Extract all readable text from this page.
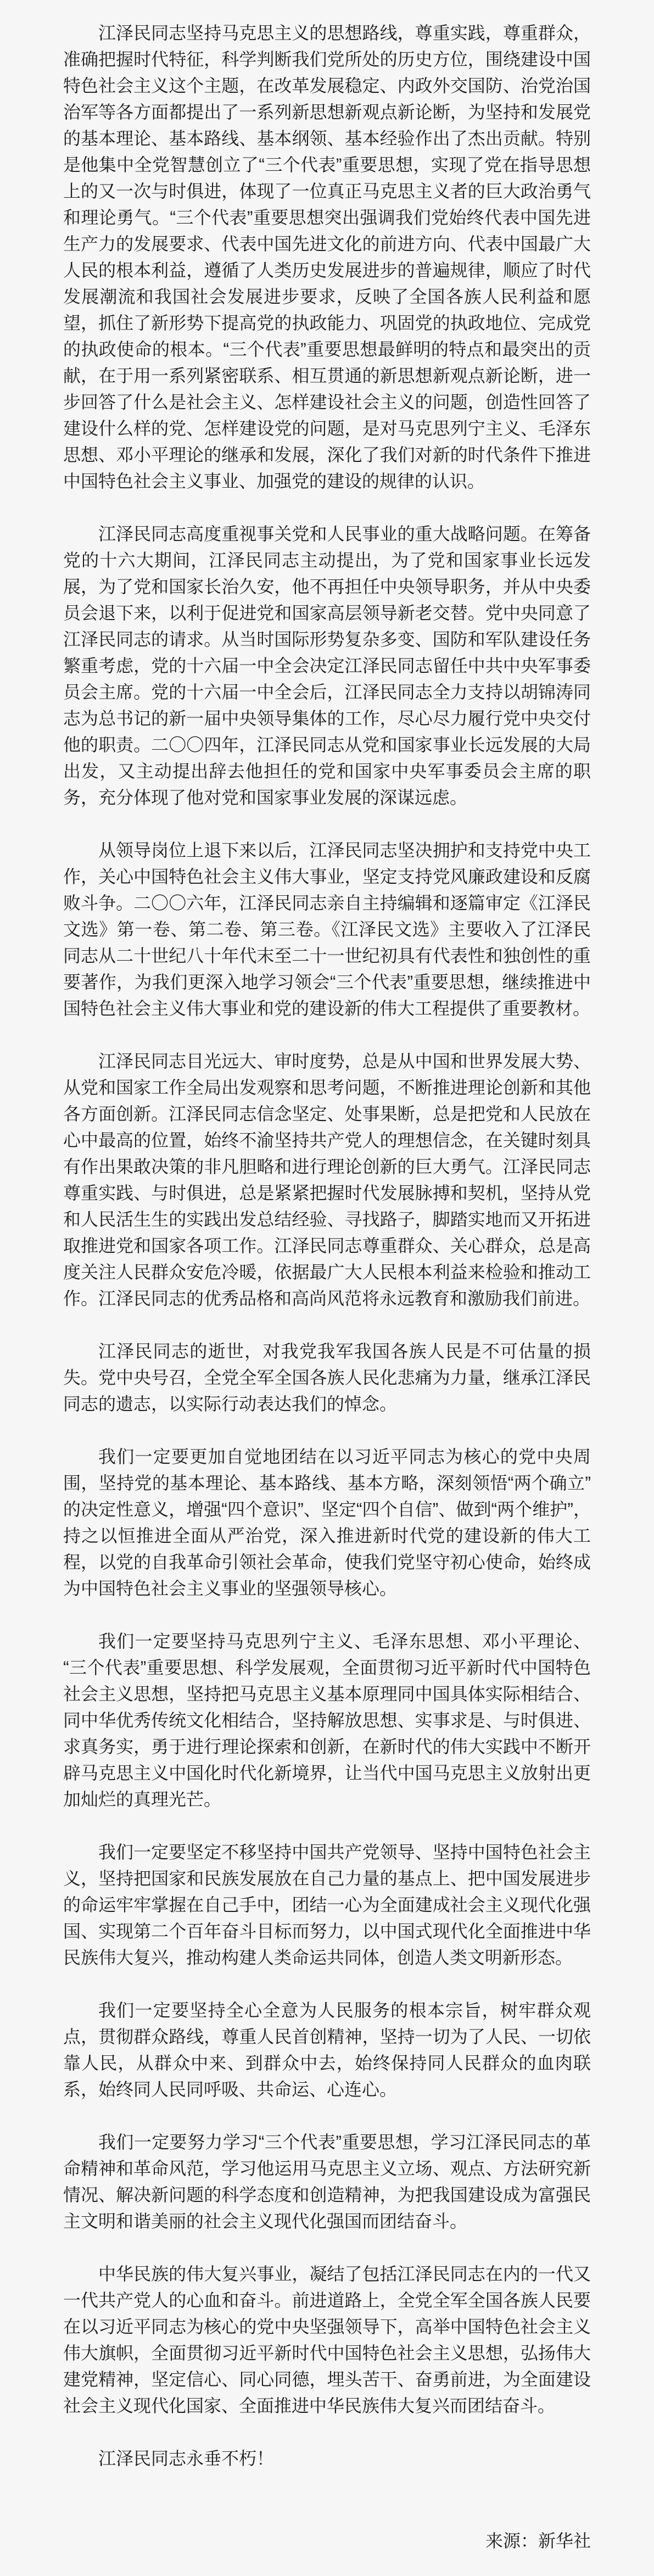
江泽民同志坚持马克思主义的思想路线，尊重实践，尊重群众，准确把握时代特征，科学判断我们党所处的历史方位，围绕建设中国特色社会主义这个主题，在改革发展稳定、内政外交国防、治党治国治军等各方面都提出了一系列新思想新观点新论断，为坚持和发展党的基本理论、基本路线、基本纲领、基本经验作出了杰出贡献。特别是他集中全党智慧创立了“三个代表”重要思想，实现了党在指导思想上的又一次与时俱进，体现了一位真正马克思主义者的巨大政治勇气和理论勇气。“三个代表”重要思想突出强调我们党始终代表中国先进生产力的发展要求、代表中国先进文化的前进方向、代表中国最广大人民的根本利益，遵循了人类历史发展进步的普遍规律，顺应了时代发展潮流和我国社会发展进步要求，反映了全国各族人民利益和愿望，抓住了新形势下提高党的执政能力、巩固党的执政地位、完成党的执政使命的根本。“三个代表”重要思想最鲜明的特点和最突出的贡献，在于用一系列紧密联系、相互贯通的新思想新观点新论断，进一步回答了什么是社会主义、怎样建设社会主义的问题，创造性回答了建设什么样的党、怎样建设党的问题，是对马克思列宁主义、毛泽东思想、邓小平理论的继承和发展，深化了我们对新的时代条件下推进中国特色社会主义事业、加强党的建设的规律的认识。

江泽民同志高度重视事关党和人民事业的重大战略问题。在筹备党的十六大期间，江泽民同志主动提出，为了党和国家事业长远发展，为了党和国家长治久安，他不再担任中央领导职务，并从中央委员会退下来，以利于促进党和国家高层领导新老交替。党中央同意了江泽民同志的请求。从当时国际形势复杂多变、国防和军队建设任务繁重考虑，党的十六届一中全会决定江泽民同志留任中共中央军事委员会主席。党的十六届一中全会后，江泽民同志全力支持以胡锦涛同志为总书记的新一届中央领导集体的工作，尽心尽力履行党中央交付他的职责。二〇〇四年，江泽民同志从党和国家事业长远发展的大局出发，又主动提出辞去他担任的党和国家中央军事委员会主席的职务，充分体现了他对党和国家事业发展的深谋远虑。

从领导岗位上退下来以后，江泽民同志坚决拥护和支持党中央工作，关心中国特色社会主义伟大事业，坚定支持党风廉政建设和反腐败斗争。二〇〇六年，江泽民同志亲自主持编辑和逐篇审定《江泽民文选》第一卷、第二卷、第三卷。《江泽民文选》主要收入了江泽民同志从二十世纪八十年代末至二十一世纪初具有代表性和独创性的重要著作，为我们更深入地学习领会“三个代表”重要思想，继续推进中国特色社会主义伟大事业和党的建设新的伟大工程提供了重要教材。

江泽民同志目光远大、审时度势，总是从中国和世界发展大势、从党和国家工作全局出发观察和思考问题，不断推进理论创新和其他各方面创新。江泽民同志信念坚定、处事果断，总是把党和人民放在心中最高的位置，始终不渝坚持共产党人的理想信念，在关键时刻具有作出果敢决策的非凡胆略和进行理论创新的巨大勇气。江泽民同志尊重实践、与时俱进，总是紧紧把握时代发展脉搏和契机，坚持从党和人民活生生的实践出发总结经验、寻找路子，脚踏实地而又开拓进取推进党和国家各项工作。江泽民同志尊重群众、关心群众，总是高度关注人民群众安危冷暖，依据最广大人民根本利益来检验和推动工作。江泽民同志的优秀品格和高尚风范将永远教育和激励我们前进。

江泽民同志的逝世，对我党我军我国各族人民是不可估量的损失。党中央号召，全党全军全国各族人民化悲痛为力量，继承江泽民同志的遗志，以实际行动表达我们的悼念。

我们一定要更加自觉地团结在以习近平同志为核心的党中央周围，坚持党的基本理论、基本路线、基本方略，深刻领悟“两个确立”的决定性意义，增强“四个意识”、坚定“四个自信”、做到“两个维护”，持之以恒推进全面从严治党，深入推进新时代党的建设新的伟大工程，以党的自我革命引领社会革命，使我们党坚守初心使命，始终成为中国特色社会主义事业的坚强领导核心。

我们一定要坚持马克思列宁主义、毛泽东思想、邓小平理论、“三个代表”重要思想、科学发展观，全面贯彻习近平新时代中国特色社会主义思想，坚持把马克思主义基本原理同中国具体实际相结合、同中华优秀传统文化相结合，坚持解放思想、实事求是、与时俱进、求真务实，勇于进行理论探索和创新，在新时代的伟大实践中不断开辟马克思主义中国化时代化新境界，让当代中国马克思主义放射出更加灿烂的真理光芒。

我们一定要坚定不移坚持中国共产党领导、坚持中国特色社会主义，坚持把国家和民族发展放在自己力量的基点上、把中国发展进步的命运牢牢掌握在自己手中，团结一心为全面建成社会主义现代化强国、实现第二个百年奋斗目标而努力，以中国式现代化全面推进中华民族伟大复兴，推动构建人类命运共同体，创造人类文明新形态。

我们一定要坚持全心全意为人民服务的根本宗旨，树牢群众观点，贯彻群众路线，尊重人民首创精神，坚持一切为了人民、一切依靠人民，从群众中来、到群众中去，始终保持同人民群众的血肉联系，始终同人民同呼吸、共命运、心连心。

我们一定要努力学习“三个代表”重要思想，学习江泽民同志的革命精神和革命风范，学习他运用马克思主义立场、观点、方法研究新情况、解决新问题的科学态度和创造精神，为把我国建设成为富强民主文明和谐美丽的社会主义现代化强国而团结奋斗。

中华民族的伟大复兴事业，凝结了包括江泽民同志在内的一代又一代共产党人的心血和奋斗。前进道路上，全党全军全国各族人民要在以习近平同志为核心的党中央坚强领导下，高举中国特色社会主义伟大旗帜，全面贯彻习近平新时代中国特色社会主义思想，弘扬伟大建党精神，坚定信心、同心同德，埋头苦干、奋勇前进，为全面建设社会主义现代化国家、全面推进中华民族伟大复兴而团结奋斗。

江泽民同志永垂不朽！

来源：新华社
